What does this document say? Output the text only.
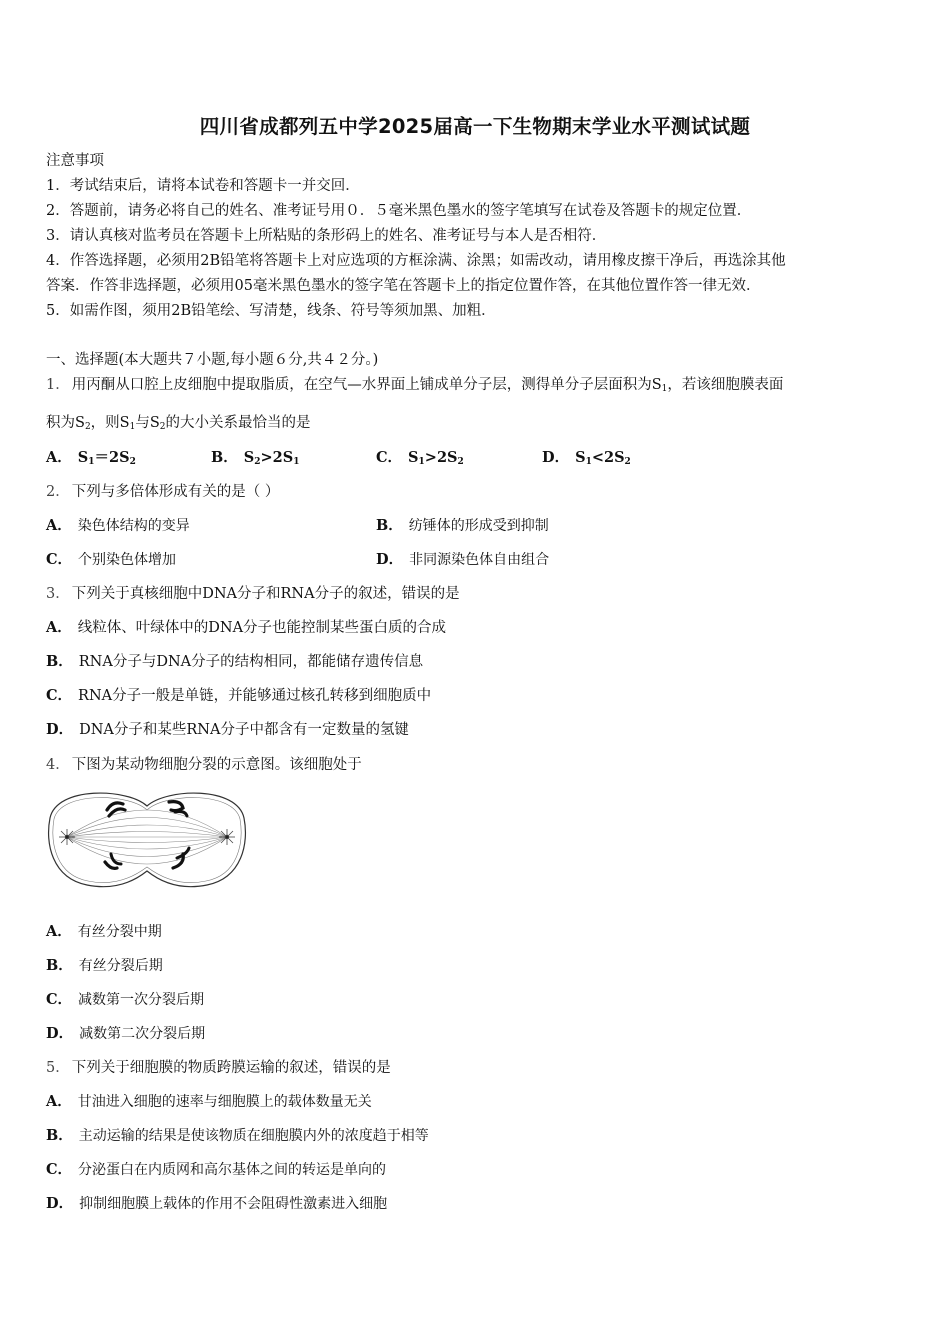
四川省成都列五中学2025届高一下生物期末学业水平测试试题
注意事项
1．考试结束后，请将本试卷和答题卡一并交回．
2．答题前，请务必将自己的姓名、准考证号用０．５毫米黑色墨水的签字笔填写在试卷及答题卡的规定位置．
3．请认真核对监考员在答题卡上所粘贴的条形码上的姓名、准考证号与本人是否相符．
4．作答选择题，必须用2B铅笔将答题卡上对应选项的方框涂满、涂黑；如需改动，请用橡皮擦干净后，再选涂其他
答案．作答非选择题，必须用05毫米黑色墨水的签字笔在答题卡上的指定位置作答，在其他位置作答一律无效．
5．如需作图，须用2B铅笔绘、写清楚，线条、符号等须加黑、加粗．
一、选择题(本大题共７小题,每小题６分,共４２分。)
1． 用丙酮从口腔上皮细胞中提取脂质，在空气—水界面上铺成单分子层，测得单分子层面积为$S_1$，若该细胞膜表面
积为$S_2$，则$S_1$与$S_2$的大小关系最恰当的是
A． $S_1=2S_2$	B． $S_2>2S_1$	C． $S_1>2S_2$	D． $S_1<2S_2$
2． 下列与多倍体形成有关的是（ ）
A． 染色体结构的变异	B． 纺锤体的形成受到抑制
C． 个别染色体增加	D． 非同源染色体自由组合
3． 下列关于真核细胞中DNA分子和RNA分子的叙述，错误的是
A． 线粒体、叶绿体中的DNA分子也能控制某些蛋白质的合成
B． RNA分子与DNA分子的结构相同，都能储存遗传信息
C． RNA分子一般是单链，并能够通过核孔转移到细胞质中
D． DNA分子和某些RNA分子中都含有一定数量的氢键
4． 下图为某动物细胞分裂的示意图。该细胞处于
A． 有丝分裂中期
B． 有丝分裂后期
C． 减数第一次分裂后期
D． 减数第二次分裂后期
5． 下列关于细胞膜的物质跨膜运输的叙述，错误的是
A． 甘油进入细胞的速率与细胞膜上的载体数量无关
B． 主动运输的结果是使该物质在细胞膜内外的浓度趋于相等
C． 分泌蛋白在内质网和高尔基体之间的转运是单向的
D． 抑制细胞膜上载体的作用不会阻碍性激素进入细胞
